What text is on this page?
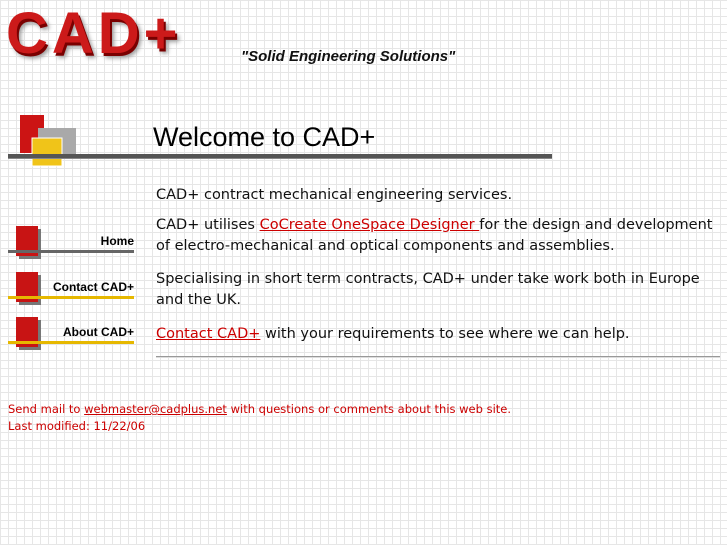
CAD+	"Solid Engineering Solutions"
Welcome to CAD+
Home
Contact CAD+
About CAD+
CAD+ contract mechanical engineering services.
CAD+ utilises CoCreate OneSpace Designer for the design and development of electro-mechanical and optical components and assemblies.
Specialising in short term contracts, CAD+ under take work both in Europe and the UK.
Contact CAD+ with your requirements to see where we can help.
Send mail to webmaster@cadplus.net with questions or comments about this web site.
Last modified: 11/22/06
